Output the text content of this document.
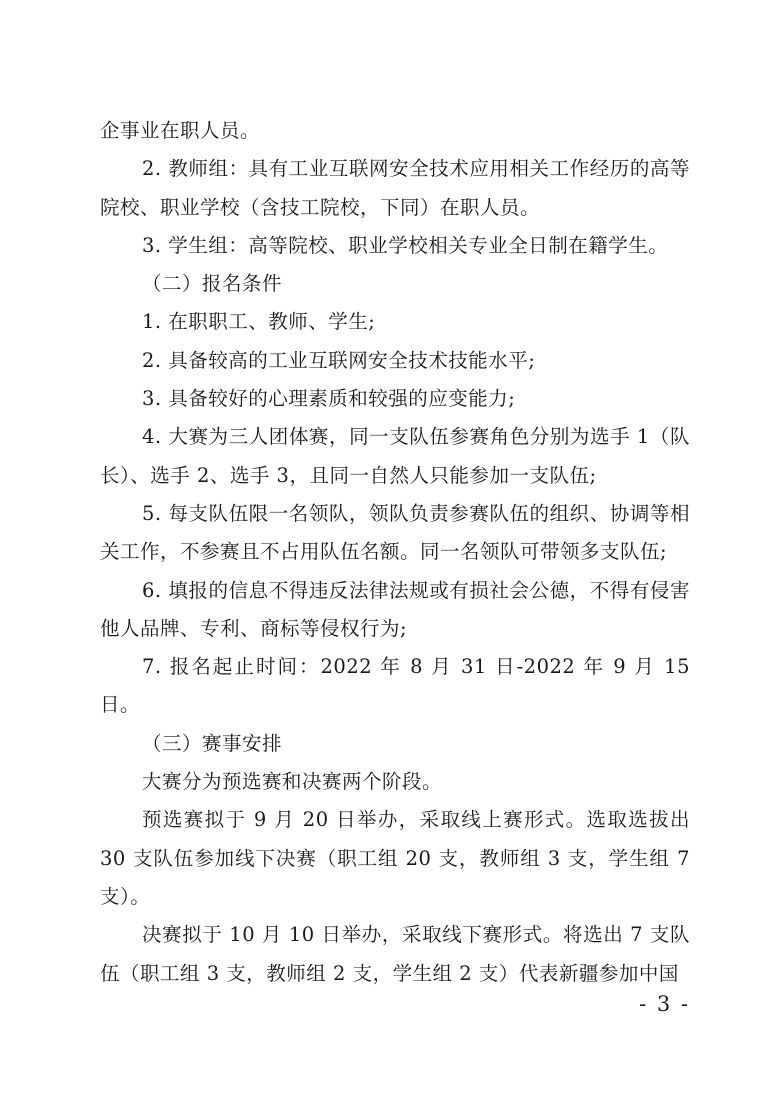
企事业在职人员。

2. 教师组：具有工业互联网安全技术应用相关工作经历的高等院校、职业学校（含技工院校，下同）在职人员。

3. 学生组：高等院校、职业学校相关专业全日制在籍学生。

（二）报名条件

1. 在职职工、教师、学生;

2. 具备较高的工业互联网安全技术技能水平;

3. 具备较好的心理素质和较强的应变能力;

4. 大赛为三人团体赛，同一支队伍参赛角色分别为选手 1（队长）、选手 2、选手 3，且同一自然人只能参加一支队伍;

5. 每支队伍限一名领队，领队负责参赛队伍的组织、协调等相关工作，不参赛且不占用队伍名额。同一名领队可带领多支队伍;

6. 填报的信息不得违反法律法规或有损社会公德，不得有侵害他人品牌、专利、商标等侵权行为;

7. 报名起止时间：2022 年 8 月 31 日-2022 年 9 月 15 日。

（三）赛事安排

大赛分为预选赛和决赛两个阶段。

预选赛拟于 9 月 20 日举办，采取线上赛形式。选取选拔出 30 支队伍参加线下决赛（职工组 20 支，教师组 3 支，学生组 7 支）。

决赛拟于 10 月 10 日举办，采取线下赛形式。将选出 7 支队伍（职工组 3 支，教师组 2 支，学生组 2 支）代表新疆参加中国

- 3 -
